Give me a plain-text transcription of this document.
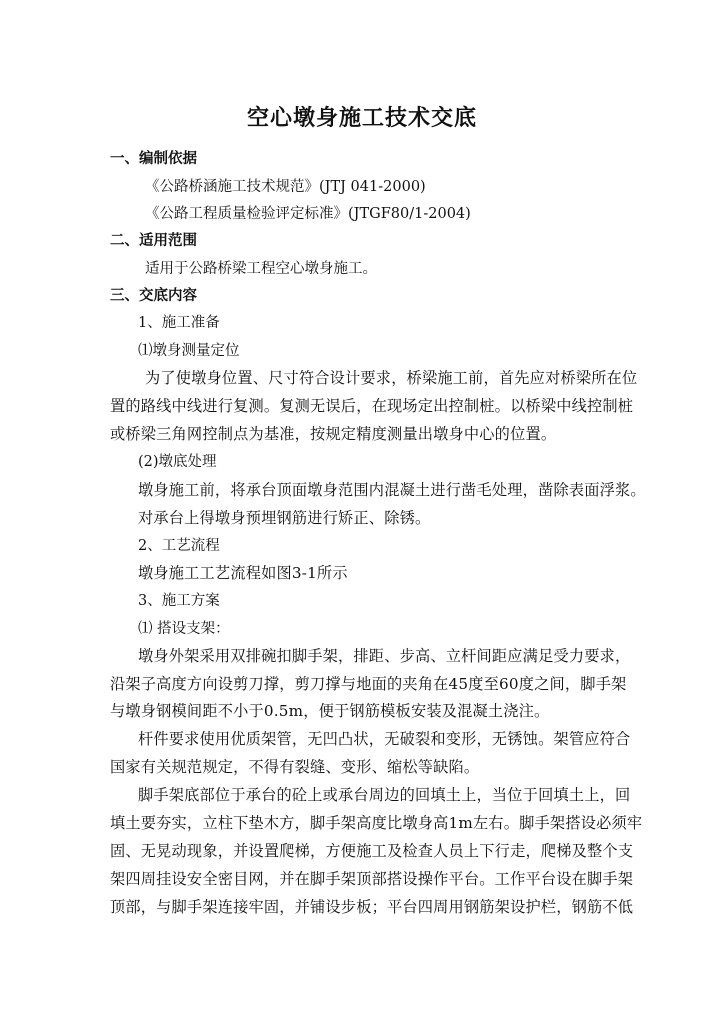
空心墩身施工技术交底
一、编制依据
《公路桥涵施工技术规范》(JTJ 041-2000)
《公路工程质量检验评定标准》(JTGF80/1-2004)
二、适用范围
适用于公路桥梁工程空心墩身施工。
三、交底内容
1、施工准备
⑴墩身测量定位
为了使墩身位置、尺寸符合设计要求，桥梁施工前，首先应对桥梁所在位
置的路线中线进行复测。复测无误后，在现场定出控制桩。以桥梁中线控制桩
或桥梁三角网控制点为基准，按规定精度测量出墩身中心的位置。
(2)墩底处理
墩身施工前，将承台顶面墩身范围内混凝土进行凿毛处理，凿除表面浮浆。
对承台上得墩身预埋钢筋进行矫正、除锈。
2、工艺流程
墩身施工工艺流程如图3-1所示
3、施工方案
⑴ 搭设支架：
墩身外架采用双排碗扣脚手架，排距、步高、立杆间距应满足受力要求，
沿架子高度方向设剪刀撑，剪刀撑与地面的夹角在45度至60度之间，脚手架
与墩身钢模间距不小于0.5m，便于钢筋模板安装及混凝土浇注。
杆件要求使用优质架管，无凹凸状，无破裂和变形，无锈蚀。架管应符合
国家有关规范规定，不得有裂缝、变形、缩松等缺陷。
脚手架底部位于承台的砼上或承台周边的回填土上，当位于回填土上，回
填土要夯实，立柱下垫木方，脚手架高度比墩身高1m左右。脚手架搭设必须牢
固、无晃动现象，并设置爬梯，方便施工及检查人员上下行走，爬梯及整个支
架四周挂设安全密目网，并在脚手架顶部搭设操作平台。工作平台设在脚手架
顶部，与脚手架连接牢固，并铺设步板；平台四周用钢筋架设护栏，钢筋不低
